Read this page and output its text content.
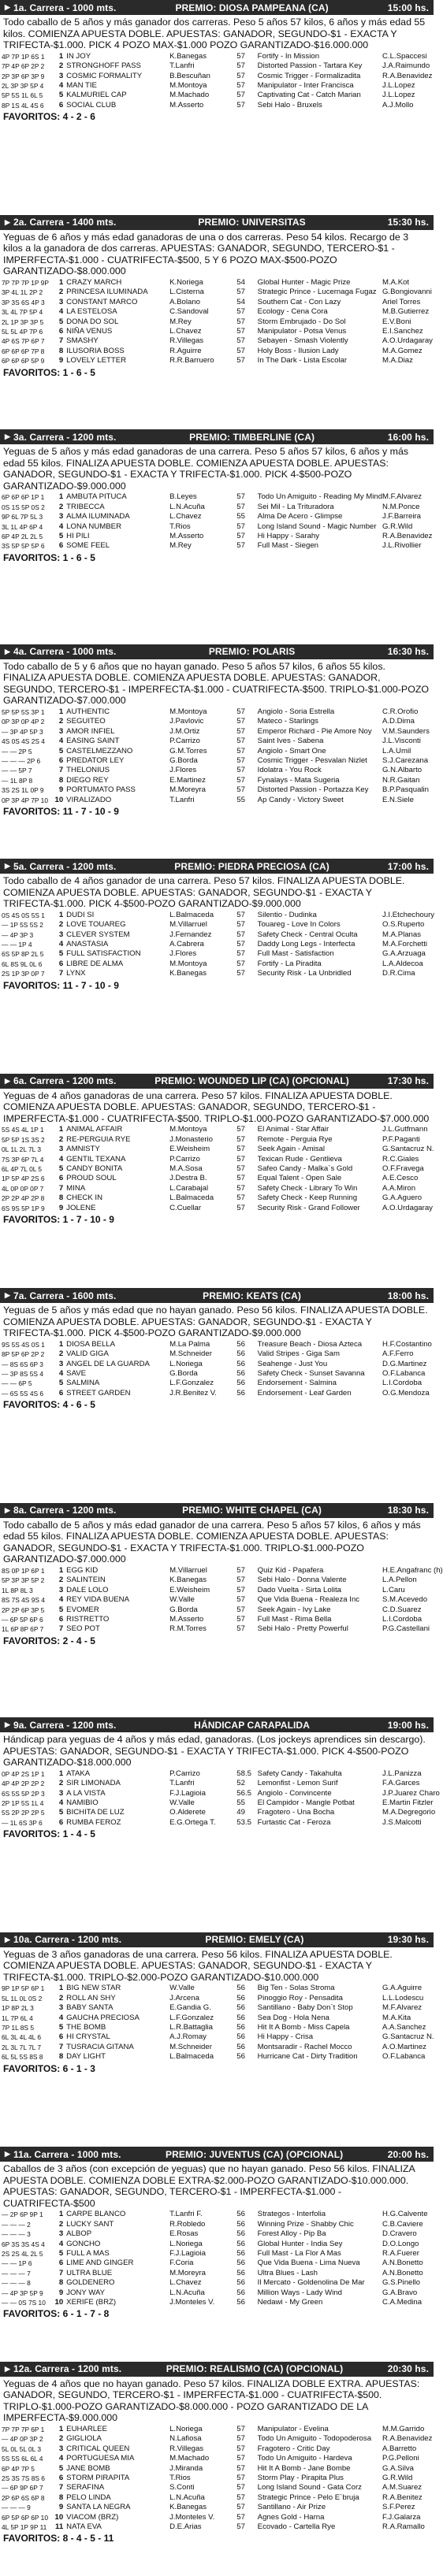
▶ 1a. Carrera - 1000 mts.	PREMIO: DIOSA PAMPEANA (CA)	15:00 hs.
Todo caballo de 5 años y más ganador dos carreras. Peso 5 años 57 kilos, 6 años y más edad 55 kilos. COMIENZA APUESTA DOBLE. APUESTAS: GANADOR, SEGUNDO-$1 - EXACTA Y TRIFECTA-$1.000. PICK 4 POZO MAX-$1.000 POZO GARANTIZADO-$16.000.000
4P 7P 1P 6S 1	1	IN JOY	K.Banegas	57	Fortify - In Mission	C.L.Spaccesi
7P 4P 6P 2P 2	2	STRONGHOFF PASS	T.Lanfri	57	Distorted Passion - Tartara Key	J.A.Raimundo
2P 3P 6P 3P 9	3	COSMIC FORMALITY	B.Bescuñan	57	Cosmic Trigger - Formalizadita	R.A.Benavidez
2L 3P 3P 5P 4	4	MAN TIE	M.Montoya	57	Manipulator - Inter Francisca	J.L.Lopez
5P 5S 1L 6L 5	5	KALMURIEL CAP	M.Machado	57	Captivating Cat - Catch Marian	J.L.Lopez
8P 1S 4L 4S 6	6	SOCIAL CLUB	M.Asserto	57	Sebi Halo - Bruxels	A.J.Mollo
FAVORITOS: 4 - 2 - 6
▶ 2a. Carrera - 1400 mts.	PREMIO: UNIVERSITAS	15:30 hs.
Yeguas de 6 años y más edad ganadoras de una o dos carreras. Peso 54 kilos. Recargo de 3 kilos a la ganadora de dos carreras. APUESTAS: GANADOR, SEGUNDO, TERCERO-$1 - IMPERFECTA-$1.000 - CUATRIFECTA-$500, 5 Y 6 POZO MAX-$500-POZO GARANTIZADO-$8.000.000
7P 7P 7P 1P 9P	1	CRAZY MARCH	K.Noriega	54	Global Hunter - Magic Prize	M.A.Kot
3P 4L 1L 2P 2	2	PRINCESA ILUMINADA	L.Cisterna	57	Strategic Prince - Lucernaga Fugaz	G.Bongiovanni
3P 3S 6S 4P 3	3	CONSTANT MARCO	A.Bolano	54	Southern Cat - Con Lazy	Ariel Torres
3L 4L 7P 5P 4	4	LA ESTELOSA	C.Sandoval	57	Ecology - Cena Cora	M.B.Gutierrez
2L 1P 3P 3P 5	5	DONA DO SOL	M.Rey	57	Storm Embrujado - Do Sol	E.V.Boni
5L 5L 4P 7P 6	6	NIÑA VENUS	L.Chavez	57	Manipulator - Potsa Venus	E.I.Sanchez
4P 6S 7P 6P 7	7	SMASHY	R.Villegas	57	Sebayen - Smash Violently	A.O.Urdagaray
6P 6P 6P 7P 8	8	ILUSORIA BOSS	R.Aguirre	57	Holy Boss - Ilusion Lady	M.A.Gomez
6P 6P 6P 5P 9	9	LOVELY LETTER	R.R.Barruero	57	In The Dark - Lista Escolar	M.A.Diaz
FAVORITOS: 1 - 6 - 5
▶ 3a. Carrera - 1200 mts.	PREMIO: TIMBERLINE (CA)	16:00 hs.
Yeguas de 5 años y más edad ganadoras de una carrera. Peso 5 años 57 kilos, 6 años y más edad 55 kilos. FINALIZA APUESTA DOBLE. COMIENZA APUESTA DOBLE. APUESTAS: GANADOR, SEGUNDO-$1 - EXACTA Y TRIFECTA-$1.000. PICK 4-$500-POZO GARANTIZADO-$9.000.000
6P 6P 6P 1P 1	1	AMBUTA PITUCA	B.Leyes	57	Todo Un Amiguito - Reading My Mind	M.F.Alvarez
0S 1S 5P 0S 2	2	TRIBECCA	L.N.Acuña	57	Sei Mil - La Trituradora	N.M.Ponce
9P 6L 7P 5L 3	3	ALMA ILUMINADA	L.Chavez	55	Alma De Acero - Glimpse	J.F.Barreira
3L 1L 4P 6P 4	4	LONA NUMBER	T.Rios	57	Long Island Sound - Magic Number	G.R.Wild
6P 4P 2L 2L 5	5	HI PILI	M.Asserto	57	Hi Happy - Sarahy	R.A.Benavidez
3S 5P 5P 5P 6	6	SOME FEEL	M.Rey	57	Full Mast - Siegen	J.L.Rivollier
FAVORITOS: 1 - 6 - 5
▶ 4a. Carrera - 1000 mts.	PREMIO: POLARIS	16:30 hs.
Todo caballo de 5 y 6 años que no hayan ganado. Peso 5 años 57 kilos, 6 años 55 kilos. FINALIZA APUESTA DOBLE. COMIENZA APUESTA DOBLE. APUESTAS: GANADOR, SEGUNDO, TERCERO-$1 - IMPERFECTA-$1.000 - CUATRIFECTA-$500. TRIPLO-$1.000-POZO GARANTIZADO-$7.000.000
5P 5P 5S 3P 1	1	AUTHENTIC	M.Montoya	57	Angiolo - Soria Estrella	C.R.Orofio
0P 3P 0P 4P 2	2	SEGUITEO	J.Pavlovic	57	Mateco - Starlings	A.D.Dima
— 3P 4P 5P 3	3	AMOR INFIEL	J.M.Ortiz	57	Emperor Richard - Pie Amore Noy	V.M.Saunders
4S 0S 4S 2S 4	4	EASING SAINT	P.Carrizo	57	Saint Ives - Sabena	J.L.Visconti
— — 2P 5	5	CASTELMEZZANO	G.M.Torres	57	Angiolo - Smart One	L.A.Umil
— — — 2P 6	6	PREDATOR LEY	G.Borda	57	Cosmic Trigger - Pesvalan Nizlet	S.J.Carezana
— — 5P 7	7	THELONIUS	J.Flores	57	Idolatra - You Rock	G.N.Albarto
— 1L 8P 8	8	DIEGO REY	E.Martinez	57	Fynalays - Mata Sugeria	N.R.Gaitan
3S 2S 1L 0P 9	9	PORTUMATO PASS	M.Moreyra	57	Distorted Passion - Portazza Key	B.P.Pasqualin
0P 3P 4P 7P 10	10	VIRALIZADO	T.Lanfri	55	Ap Candy - Victory Sweet	E.N.Siele
FAVORITOS: 11 - 7 - 10 - 9
▶ 5a. Carrera - 1200 mts.	PREMIO: PIEDRA PRECIOSA (CA)	17:00 hs.
Todo caballo de 4 años ganador de una carrera. Peso 57 kilos. FINALIZA APUESTA DOBLE. COMIENZA APUESTA DOBLE. APUESTAS: GANADOR, SEGUNDO-$1 - EXACTA Y TRIFECTA-$1.000. PICK 4-$500-POZO GARANTIZADO-$9.000.000
0S 4S 0S 5S 1	1	DUDI SI	L.Balmaceda	57	Silentio - Dudinka	J.I.Etchechoury
— 1P 5S 5S 2	2	LOVE TOUAREG	M.Villarruel	57	Touareg - Love In Colors	O.S.Ruperto
— 4P 3P 3	3	CLEVER SYSTEM	J.Fernandez	57	Safety Check - Central Oculta	M.A.Planas
— — 1P 4	4	ANASTASIA	A.Cabrera	57	Daddy Long Legs - Interfecta	M.A.Forchetti
6S 5P 8P 2L 5	5	FULL SATISFACTION	J.Flores	57	Full Mast - Satisfaction	G.A.Arzuaga
6L 8S 9L 0L 6	6	LIBRE DE ALMA	M.Montoya	57	Fortify - La Piradita	L.A.Aldecoa
2S 1P 3P 0P 7	7	LYNX	K.Banegas	57	Security Risk - La Unbridled	D.R.Cima
FAVORITOS: 11 - 7 - 10 - 9
▶ 6a. Carrera - 1200 mts.	PREMIO: WOUNDED LIP (CA) (OPCIONAL)	17:30 hs.
Yeguas de 4 años ganadoras de una carrera. Peso 57 kilos. FINALIZA APUESTA DOBLE. COMIENZA APUESTA DOBLE. APUESTAS: GANADOR, SEGUNDO, TERCERO-$1 - IMPERFECTA-$1.000 - CUATRIFECTA-$500. TRIPLO-$1.000-POZO GARANTIZADO-$7.000.000
5S 4S 4L 1P 1	1	ANIMAL AFFAIR	M.Montoya	57	El Animal - Star Affair	J.L.Gutfmann
5P 5P 1S 3S 2	2	RE-PERGUIA RYE	J.Monasterio	57	Remote - Perguia Rye	P.F.Paganti
0L 1L 2L 7L 3	3	AMNISTY	E.Weisheim	57	Seek Again - Amisal	G.Santacruz N.
7S 3P 6P 7L 4	4	GENTIL TEXANA	P.Carrizo	57	Texican Rude - Gentlieva	R.C.Giales
6L 4P 7L 0L 5	5	CANDY BONITA	M.A.Sosa	57	Safeo Candy - Malka`s Gold	O.F.Fravega
1P 5P 4P 2S 6	6	PROUD SOUL	J.Destra B.	57	Equal Talent - Open Sale	A.E.Cesco
4L 0P 0P 0P 7	7	MINA	L.Carabajal	57	Safety Check - Library To Win	A.A.Miron
2P 2P 4P 2P 8	8	CHECK IN	L.Balmaceda	57	Safety Check - Keep Running	G.A.Aguero
6S 9S 5P 1P 9	9	JOLENE	C.Cuellar	57	Security Risk - Grand Follower	A.O.Urdagaray
FAVORITOS: 1 - 7 - 10 - 9
▶ 7a. Carrera - 1600 mts.	PREMIO: KEATS (CA)	18:00 hs.
Yeguas de 5 años y más edad que no hayan ganado. Peso 56 kilos. FINALIZA APUESTA DOBLE. COMIENZA APUESTA DOBLE. APUESTAS: GANADOR, SEGUNDO-$1 - EXACTA Y TRIFECTA-$1.000. PICK 4-$500-POZO GARANTIZADO-$9.000.000
9S 5S 4S 0S 1	1	DIOSA BELLA	M.La Palma	56	Treasure Beach - Diosa Azteca	H.F.Costantino
8P 5P 6P 2P 2	2	VALID GIGA	M.Schneider	56	Valid Stripes - Giga Sam	A.F.Ferro
— 8S 6S 6P 3	3	ANGEL DE LA GUARDA	L.Noriega	56	Seahenge - Just You	D.G.Martinez
— 3P 8S 5S 4	4	SAVE	G.Borda	56	Safety Check - Sunset Savanna	O.F.Labanca
— — 6P 5	5	SALMINA	L.F.Gonzalez	56	Endorsement - Salmina	L.I.Cordoba
— 6S 5S 4S 6	6	STREET GARDEN	J.R.Benitez V.	56	Endorsement - Leaf Garden	O.G.Mendoza
FAVORITOS: 4 - 6 - 5
▶ 8a. Carrera - 1200 mts.	PREMIO: WHITE CHAPEL (CA)	18:30 hs.
Todo caballo de 5 años y más edad ganador de una carrera. Peso 5 años 57 kilos, 6 años y más edad 55 kilos. FINALIZA APUESTA DOBLE. COMIENZA APUESTA DOBLE. APUESTAS: GANADOR, SEGUNDO-$1 - EXACTA Y TRIFECTA-$1.000. TRIPLO-$1.000-POZO GARANTIZADO-$7.000.000
8S 0P 1P 6P 1	1	EGG KID	M.Villarruel	57	Quiz Kid - Papafera	H.E.Angafranc (h)
5P 3P 3P 5P 2	2	SALINTEIN	K.Banegas	57	Sebi Halo - Donna Valente	L.A.Pellon
1L 8P 8L 3	3	DALE LOLO	E.Weisheim	57	Dado Vuelta - Sirta Lolita	L.Caru
8S 7S 4S 9S 4	4	REY VIDA BUENA	W.Valle	57	Que Vida Buena - Realeza Inc	S.M.Acevedo
2P 2P 6P 3P 5	5	EVOMER	G.Borda	57	Seek Again - Ivy Lake	C.D.Suarez
— 6P 5P 6P 6	6	RISTRETTO	M.Asserto	57	Full Mast - Rima Bella	L.I.Cordoba
1L 6P 8P 6P 7	7	SEO POT	R.M.Torres	57	Sebi Halo - Pretty Powerful	P.G.Castellani
FAVORITOS: 2 - 4 - 5
▶ 9a. Carrera - 1200 mts.	HÁNDICAP CARAPALIDA	19:00 hs.
Hándicap para yeguas de 4 años y más edad, ganadoras. (Los jockeys aprendices sin descargo). APUESTAS: GANADOR, SEGUNDO-$1 - EXACTA Y TRIFECTA-$1.000. PICK 4-$500-POZO GARANTIZADO-$18.000.000
0P 4P 2S 1P 1	1	ATAKA	P.Carrizo	58.5	Safety Candy - Takahulta	J.L.Panizza
4P 4P 2P 2P 2	2	SIR LIMONADA	T.Lanfri	52	Lemonfist - Lemon Surif	F.A.Garces
6S 5S 5P 2P 3	3	A LA VISTA	F.J.Lagioia	56.5	Angiolo - Convincente	J.P.Juarez Charo
2P 1P 5S 1L 4	4	NAMIBIO	W.Valle	55	El Campidor - Mangle Potbat	E.Martin Fitzler
5S 2P 2P 2P 5	5	BICHITA DE LUZ	O.Alderete	49	Fragotero - Una Bocha	M.A.Degregorio
— 1L 6S 3P 6	6	RUMBA FEROZ	E.G.Ortega T.	53.5	Furtastic Cat - Feroza	J.S.Malcotti
FAVORITOS: 1 - 4 - 5
▶ 10a. Carrera - 1200 mts.	PREMIO: EMELY (CA)	19:30 hs.
Yeguas de 3 años ganadoras de una carrera. Peso 56 kilos. FINALIZA APUESTA DOBLE. COMIENZA APUESTA DOBLE. APUESTAS: GANADOR, SEGUNDO-$1 - EXACTA Y TRIFECTA-$1.000. TRIPLO-$2.000-POZO GARANTIZADO-$10.000.000
9P 1P 5P 6P 1	1	BIG NEW STAR	W.Valle	56	Big Ten - Solas Stroma	G.A.Aguirre
5L 1L 0L 0S 2	2	ROLL AN SHY	J.Arcena	56	Pinoggio Roy - Pensadita	L.L.Lodescu
1P 8P 2L 3	3	BABY SANTA	E.Gandia G.	56	Santillano - Baby Don`t Stop	M.F.Alvarez
1L 7P 6L 4	4	GAUCHA PRECIOSA	L.F.Gonzalez	56	Sea Dog - Hola Nena	M.A.Kita
7P 1L 8S 5	5	THE BOMB	L.R.Battaglia	56	Hit It A Bomb - Miss Capela	A.A.Sanchez
6L 3L 4L 4L 6	6	HI CRYSTAL	A.J.Romay	56	Hi Happy - Crisa	G.Santacruz N.
2L 3L 7L 7L 7	7	TUSRACIA GITANA	M.Schneider	56	Montsaradir - Rachel Mocco	A.O.Martinez
6L 5L 5S 8S 8	8	DAY LIGHT	L.Balmaceda	56	Hurricane Cat - Dirty Tradition	O.F.Labanca
FAVORITOS: 6 - 1 - 3
▶ 11a. Carrera - 1000 mts.	PREMIO: JUVENTUS (CA) (OPCIONAL)	20:00 hs.
Caballos de 3 años (con excepción de yeguas) que no hayan ganado. Peso 56 kilos. FINALIZA APUESTA DOBLE. COMIENZA DOBLE EXTRA-$2.000-POZO GARANTIZADO-$10.000.000. APUESTAS: GANADOR, SEGUNDO, TERCERO-$1 - IMPERFECTA-$1.000 - CUATRIFECTA-$500
— 2P 6P 9P 1	1	CARPE BLANCO	T.Lanfri F.	56	Strategos - Interfolia	H.G.Calvente
— — — 2	2	LUCKY SANT	R.Robledo	56	Winning Prize - Shabby Chic	C.B.Caviere
— — — 3	3	ALBOP	E.Rosas	56	Forest Alloy - Pip Ba	D.Cravero
6P 3S 3S 4S 4	4	GONCHO	L.Noriega	56	Global Hunter - India Sey	D.O.Longo
2S 2S 4L 2L 5	5	FULL A MAS	F.J.Lagioia	56	Full Mast - La Flor A Mas	R.A.Fuerer
— — 1P 6	6	LIME AND GINGER	F.Coria	56	Que Vida Buena - Lima Nueva	A.N.Bonetto
— — — 7	7	ULTRA BLUE	M.Moreyra	56	Ultra Blues - Lash	A.N.Bonetto
— — — 8	8	GOLDENERO	L.Chavez	56	Il Mercato - Goldenolina De Mar	G.S.Pinello
— 4P 3P 5P 9	9	JONY WAY	L.N.Acuña	56	Million Ways - Lady Wind	G.A.Bravo
— — 0S 7S 10	10	XERIFE (BRZ)	J.Monteles V.	56	Nedawi - My Green	C.A.Medina
FAVORITOS: 6 - 1 - 7 - 8
▶ 12a. Carrera - 1200 mts.	PREMIO: REALISMO (CA) (OPCIONAL)	20:30 hs.
Yeguas de 4 años que no hayan ganado. Peso 57 kilos. FINALIZA DOBLE EXTRA. APUESTAS: GANADOR, SEGUNDO, TERCERO-$1 - IMPERFECTA-$1.000 - CUATRIFECTA-$500. TRIPLO-$1.000-POZO GARANTIZADO-$8.000.000 - POZO GARANTIZADO DE LA IMPERFECTA-$9.000.000
7P 7P 7P 6P 1	1	EUHARLEE	L.Noriega	57	Manipulator - Evelina	M.M.Garrido
— 4P 0P 3P 2	2	GIGLIOLA	N.Lafiosa	57	Todo Un Amiguito - Todopoderosa	R.A.Benavidez
5L 0L 5L 0L 3	3	CRITICAL QUEEN	R.Villegas	57	Fragotero - Critic Day	A.Barretto
5S 5S 6L 6L 4	4	PORTUGUESA MIA	M.Machado	57	Todo Un Amiguito - Hardeva	P.G.Pelloni
6P 4P 7P 5	5	JANE BOMB	J.Miranda	57	Hit It A Bomb - Jane Bombe	G.A.Silva
2S 3S 7S 8S 6	6	STORM PIRAPITA	T.Rios	57	Storm Play - Pirapita Plus	G.R.Wild
— 6P 9P 6P 7	7	SERAFINA	S.Conti	57	Long Island Sound - Gata Corz	A.M.Suarez
2P 6P 6S 6P 8	8	PELO LINDA	L.N.Acuña	57	Strategic Prince - Pelo E`bruja	R.A.Benitez
— — — 9	9	SANTA LA NEGRA	K.Banegas	57	Santillano - Air Prize	S.F.Perez
6P 5P 6P 6P 10	10	VIACOM (BRZ)	J.Monteles V.	57	Agnes Gold - Harna	F.J.Galarza
4L 5P 1P 9P 11	11	NATA EVA	D.E.Arias	57	Ecovado - Cartella Rye	R.A.Ramallo
FAVORITOS: 8 - 4 - 5 - 11
